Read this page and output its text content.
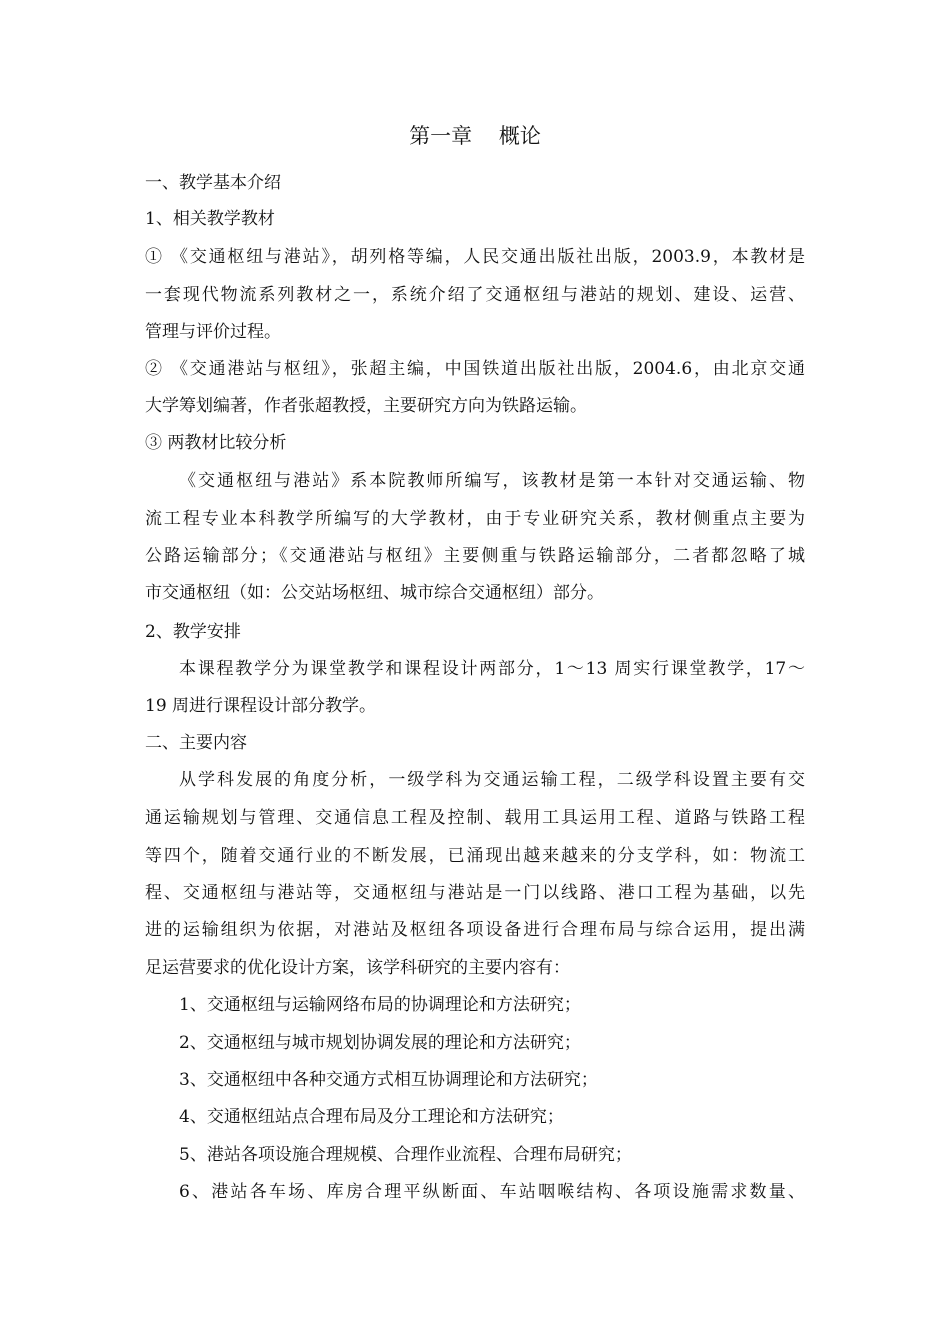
第一章    概论
一、教学基本介绍
1、相关教学教材
① 《交通枢纽与港站》，胡列格等编，人民交通出版社出版，2003.9，本教材是
一套现代物流系列教材之一，系统介绍了交通枢纽与港站的规划、建设、运营、
管理与评价过程。
② 《交通港站与枢纽》，张超主编，中国铁道出版社出版，2004.6，由北京交通
大学筹划编著，作者张超教授，主要研究方向为铁路运输。
③ 两教材比较分析
《交通枢纽与港站》系本院教师所编写，该教材是第一本针对交通运输、物
流工程专业本科教学所编写的大学教材，由于专业研究关系，教材侧重点主要为
公路运输部分；《交通港站与枢纽》主要侧重与铁路运输部分，二者都忽略了城
市交通枢纽（如：公交站场枢纽、城市综合交通枢纽）部分。
2、教学安排
本课程教学分为课堂教学和课程设计两部分，1～13 周实行课堂教学，17～
19 周进行课程设计部分教学。
二、主要内容
从学科发展的角度分析，一级学科为交通运输工程，二级学科设置主要有交
通运输规划与管理、交通信息工程及控制、载用工具运用工程、道路与铁路工程
等四个，随着交通行业的不断发展，已涌现出越来越来的分支学科，如：物流工
程、交通枢纽与港站等，交通枢纽与港站是一门以线路、港口工程为基础，以先
进的运输组织为依据，对港站及枢纽各项设备进行合理布局与综合运用，提出满
足运营要求的优化设计方案，该学科研究的主要内容有：
1、交通枢纽与运输网络布局的协调理论和方法研究；
2、交通枢纽与城市规划协调发展的理论和方法研究；
3、交通枢纽中各种交通方式相互协调理论和方法研究；
4、交通枢纽站点合理布局及分工理论和方法研究；
5、港站各项设施合理规模、合理作业流程、合理布局研究；
6、港站各车场、库房合理平纵断面、车站咽喉结构、各项设施需求数量、
